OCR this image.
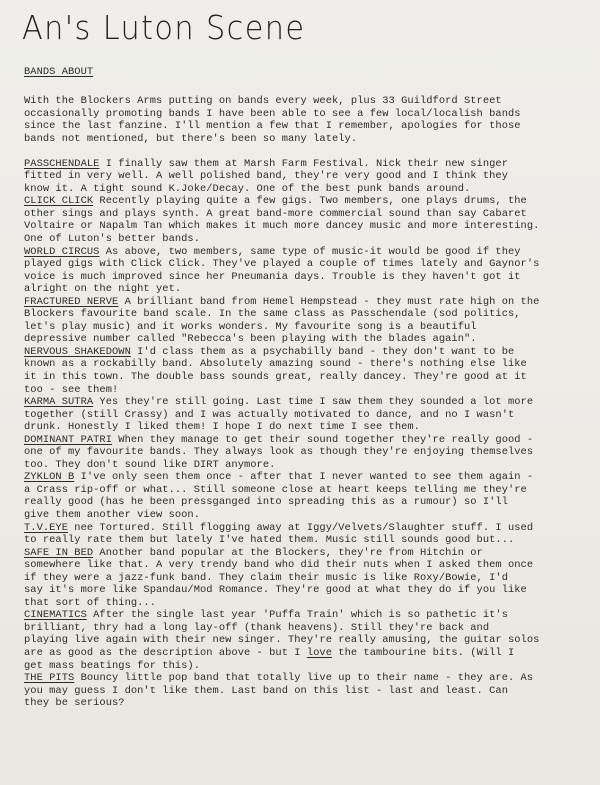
An's Luton Scene
BANDS ABOUT
With the Blockers Arms putting on bands every week, plus 33 Guildford Street
occasionally promoting bands I have been able to see a few local/localish bands
since the last fanzine. I'll mention a few that I remember, apologies for those
bands not mentioned, but there's been so many lately.
PASSCHENDALE I finally saw them at Marsh Farm Festival. Nick their new singer
fitted in very well. A well polished band, they're very good and I think they
know it. A tight sound K.Joke/Decay. One of the best punk bands around.
CLICK CLICK Recently playing quite a few gigs. Two members, one plays drums, the
other sings and plays synth. A great band-more commercial sound than say Cabaret
Voltaire or Napalm Tan which makes it much more dancey music and more interesting.
One of Luton's better bands.
WORLD CIRCUS As above, two members, same type of music-it would be good if they
played gigs with Click Click. They've played a couple of times lately and Gaynor's
voice is much improved since her Pneumania days. Trouble is they haven't got it
alright on the night yet.
FRACTURED NERVE A brilliant band from Hemel Hempstead - they must rate high on the
Blockers favourite band scale. In the same class as Passchendale (sod politics,
let's play music) and it works wonders. My favourite song is a beautiful
depressive number called "Rebecca's been playing with the blades again".
NERVOUS SHAKEDOWN I'd class them as a psychabilly band - they don't want to be
known as a rockabilly band. Absolutely amazing sound - there's nothing else like
it in this town. The double bass sounds great, really dancey. They're good at it
too - see them!
KARMA SUTRA Yes they're still going. Last time I saw them they sounded a lot more
together (still Crassy) and I was actually motivated to dance, and no I wasn't
drunk. Honestly I liked them! I hope I do next time I see them.
DOMINANT PATRI When they manage to get their sound together they're really good -
one of my favourite bands. They always look as though they're enjoying themselves
too. They don't sound like DIRT anymore.
ZYKLON B I've only seen them once - after that I never wanted to see them again -
a Crass rip-off or what... Still someone close at heart keeps telling me they're
really good (has he been pressganged into spreading this as a rumour) so I'll
give them another view soon.
T.V.EYE nee Tortured. Still flogging away at Iggy/Velvets/Slaughter stuff. I used
to really rate them but lately I've hated them. Music still sounds good but...
SAFE IN BED Another band popular at the Blockers, they're from Hitchin or
somewhere like that. A very trendy band who did their nuts when I asked them once
if they were a jazz-funk band. They claim their music is like Roxy/Bowie, I'd
say it's more like Spandau/Mod Romance. They're good at what they do if you like
that sort of thing...
CINEMATICS After the single last year 'Puffa Train' which is so pathetic it's
brilliant, thry had a long lay-off (thank heavens). Still they're back and
playing live again with their new singer. They're really amusing, the guitar solos
are as good as the description above - but I love the tambourine bits. (Will I
get mass beatings for this).
THE PITS Bouncy little pop band that totally live up to their name - they are. As
you may guess I don't like them. Last band on this list - last and least. Can
they be serious?
